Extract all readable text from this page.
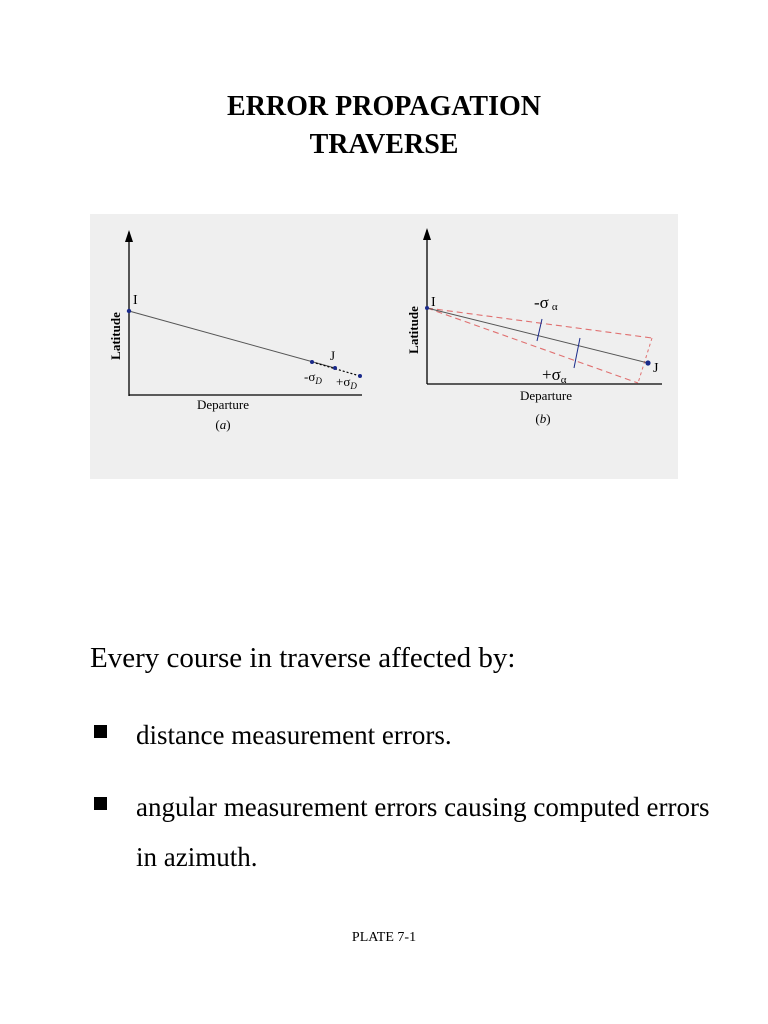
ERROR PROPAGATION
TRAVERSE
I
J
$-\sigma_D +\sigma_D$
Latitude
Departure
(a)
I
J
-σ α
+σα
Latitude
Departure
(b)
Every course in traverse affected by:
distance measurement errors.
angular measurement errors causing computed errors in azimuth.
PLATE 7-1
